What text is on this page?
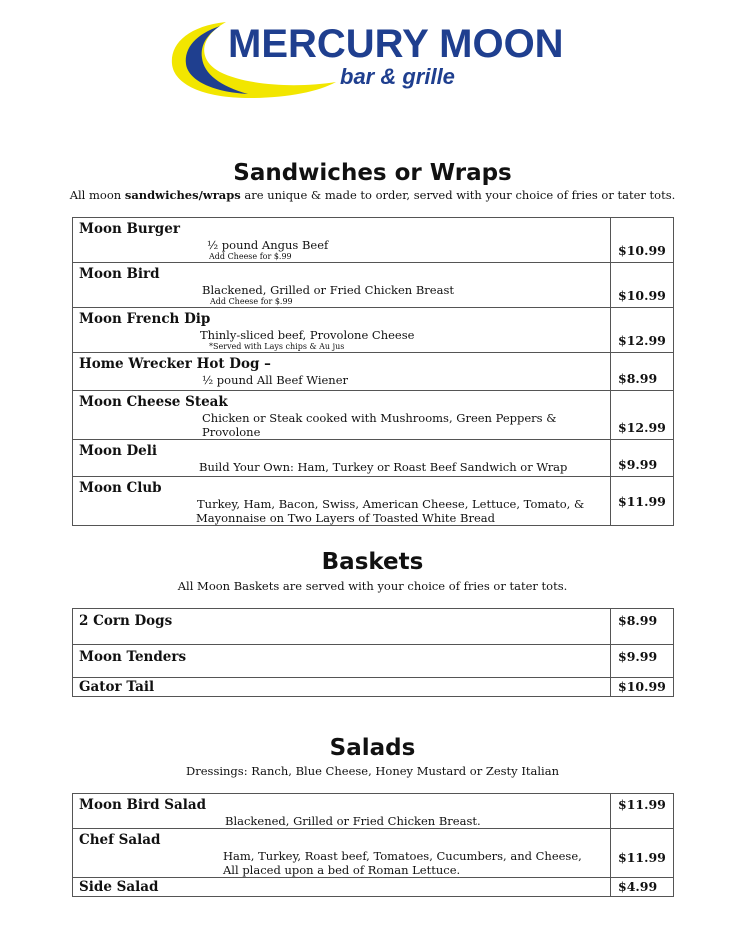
MERCURY MOON
bar & grille
Sandwiches or Wraps
All moon sandwiches/wraps are unique & made to order, served with your choice of fries or tater tots.
Moon Burger
½ pound Angus Beef
Add Cheese for $.99	$10.99

Moon Bird
Blackened, Grilled or Fried Chicken Breast
Add Cheese for $.99	$10.99

Moon French Dip
Thinly-sliced beef, Provolone Cheese
*Served with Lays chips & Au jus	$12.99

Home Wrecker Hot Dog –
½ pound All Beef Wiener	$8.99

Moon Cheese Steak
Chicken or Steak cooked with Mushrooms, Green Peppers & Provolone	$12.99

Moon Deli
Build Your Own: Ham, Turkey or Roast Beef Sandwich or Wrap	$9.99

Moon Club
Turkey, Ham, Bacon, Swiss, American Cheese, Lettuce, Tomato, &
Mayonnaise on Two Layers of Toasted White Bread	$11.99
Baskets
All Moon Baskets are served with your choice of fries or tater tots.
2 Corn Dogs	$8.99

Moon Tenders	$9.99

Gator Tail	$10.99
Salads
Dressings: Ranch, Blue Cheese, Honey Mustard or Zesty Italian
Moon Bird Salad
Blackened, Grilled or Fried Chicken Breast.	$11.99

Chef Salad
Ham, Turkey, Roast beef, Tomatoes, Cucumbers, and Cheese,
All placed upon a bed of Roman Lettuce.	$11.99

Side Salad	$4.99
